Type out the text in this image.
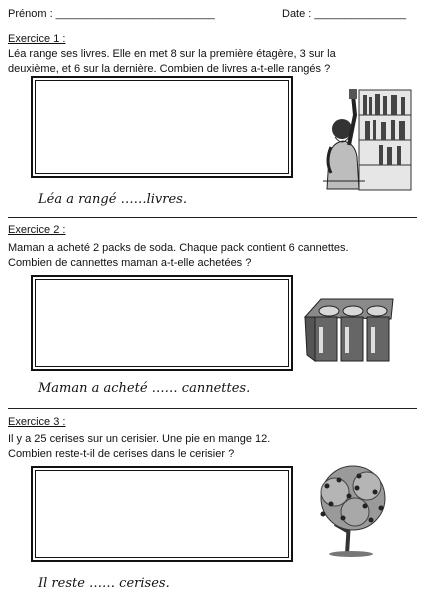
Prénom : __________________________	Date : _______________
Exercice 1 :
Léa range ses livres. Elle en met 8 sur la première étagère, 3 sur la
deuxième, et 6 sur la dernière. Combien de livres a-t-elle rangés ?
Léa a rangé ……livres.
Exercice 2 :
Maman a acheté 2 packs de soda. Chaque pack contient 6 cannettes.
Combien de cannettes maman a-t-elle achetées ?
Maman a acheté …… cannettes.
Exercice 3 :
Il y a 25 cerises sur un cerisier. Une pie en mange 12.
Combien reste-t-il de cerises dans le cerisier ?
Il reste …… cerises.
